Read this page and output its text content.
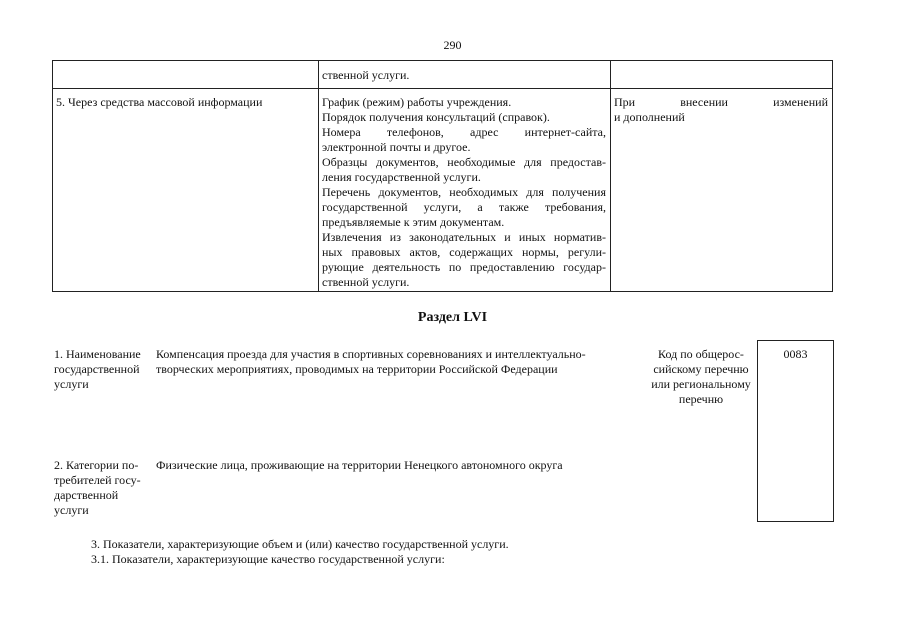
290
ственной услуги.
5. Через средства массовой информации	График (режим) работы учреждения.
Порядок получения консультаций (справок).
Номера телефонов, адрес интернет-сайта,
электронной почты и другое.
Образцы документов, необходимые для предостав-
ления государственной услуги.
Перечень документов, необходимых для получения
государственной услуги, а также требования,
предъявляемые к этим документам.
Извлечения из законодательных и иных норматив-
ных правовых актов, содержащих нормы, регули-
рующие деятельность по предоставлению государ-
ственной услуги.
При внесении изменений
и дополнений
Раздел LVI
1. Наименование
государственной
услуги
Компенсация проезда для участия в спортивных соревнованиях и интеллектуально-
творческих мероприятиях, проводимых на территории Российской Федерации
Код по общерос-
сийскому перечню
или региональному
перечню
0083
2. Категории по-
требителей госу-
дарственной
услуги
Физические лица, проживающие на территории Ненецкого автономного округа
3. Показатели, характеризующие объем и (или) качество государственной услуги.
3.1. Показатели, характеризующие качество государственной услуги:
